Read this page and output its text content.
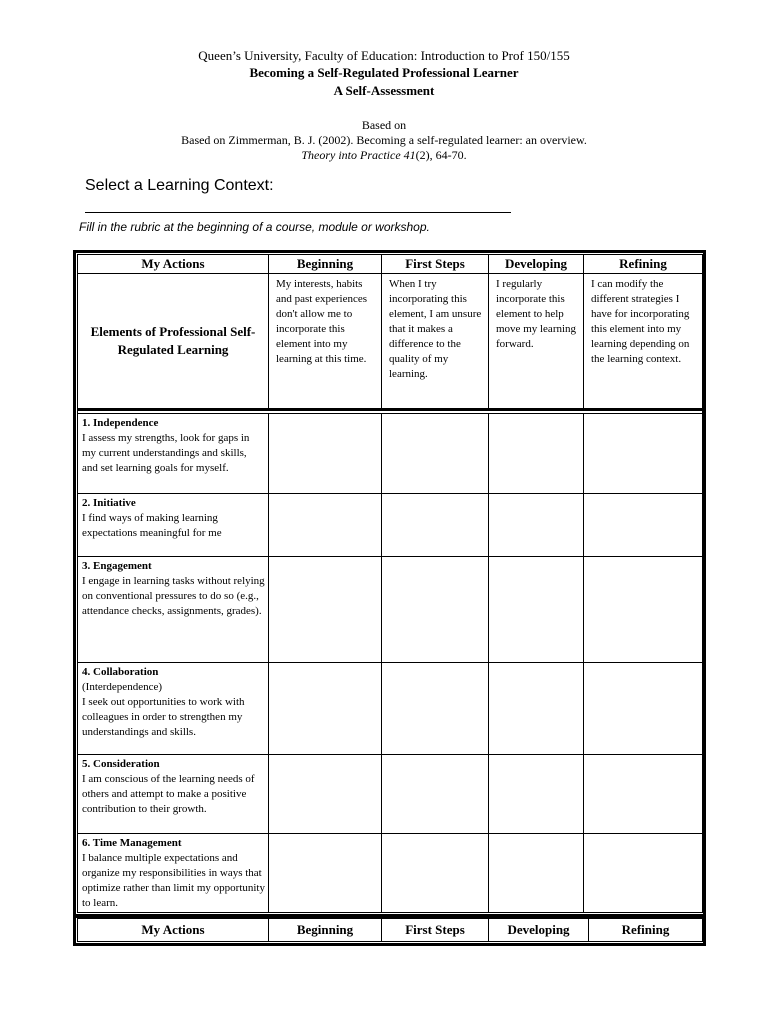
Queen’s University, Faculty of Education: Introduction to Prof 150/155
Becoming a Self-Regulated Professional Learner
A Self-Assessment
Based on
Based on Zimmerman, B. J. (2002). Becoming a self-regulated learner: an overview.
Theory into Practice 41(2), 64-70.
Select a Learning Context:
Fill in the rubric at the beginning of a course, module or workshop.
My Actions	Beginning	First Steps	Developing	Refining
Elements of Professional Self-Regulated Learning	My interests, habits and past experiences don't allow me to incorporate this element into my learning at this time.	When I try incorporating this element, I am unsure that it makes a difference to the quality of my learning.	I regularly incorporate this element to help move my learning forward.	I can modify the different strategies I have for incorporating this element into my learning depending on the learning context.

1. Independence
I assess my strengths, look for gaps in my current understandings and skills, and set learning goals for myself.				
2. Initiative
I find ways of making learning expectations meaningful for me				
3. Engagement
I engage in learning tasks without relying on conventional pressures to do so (e.g., attendance checks, assignments, grades).				
4. Collaboration
(Interdependence)
I seek out opportunities to work with colleagues in order to strengthen my understandings and skills.				
5. Consideration
I am conscious of the learning needs of others and attempt to make a positive contribution to their growth.				
6. Time Management
I balance multiple expectations and organize my responsibilities in ways that optimize rather than limit my opportunity to learn.				
My Actions	Beginning	First Steps	Developing	Refining
